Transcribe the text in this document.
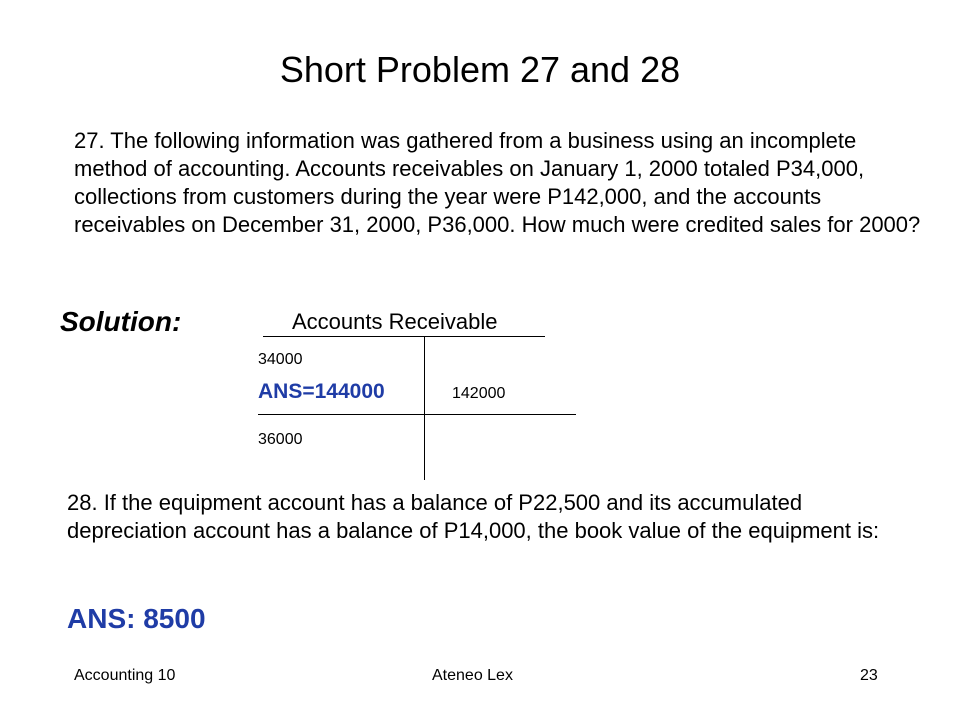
Short Problem 27 and 28

27. The following information was gathered from a business using an incomplete method of accounting. Accounts receivables on January 1, 2000 totaled P34,000, collections from customers during the year were P142,000, and the accounts receivables on December 31, 2000, P36,000. How much were credited sales for 2000?

Solution:	Accounts Receivable
34000
ANS=144000	142000
36000

28. If the equipment account has a balance of P22,500 and its accumulated depreciation account has a balance of P14,000, the book value of the equipment is:

ANS: 8500
Accounting 10	Ateneo Lex	23
